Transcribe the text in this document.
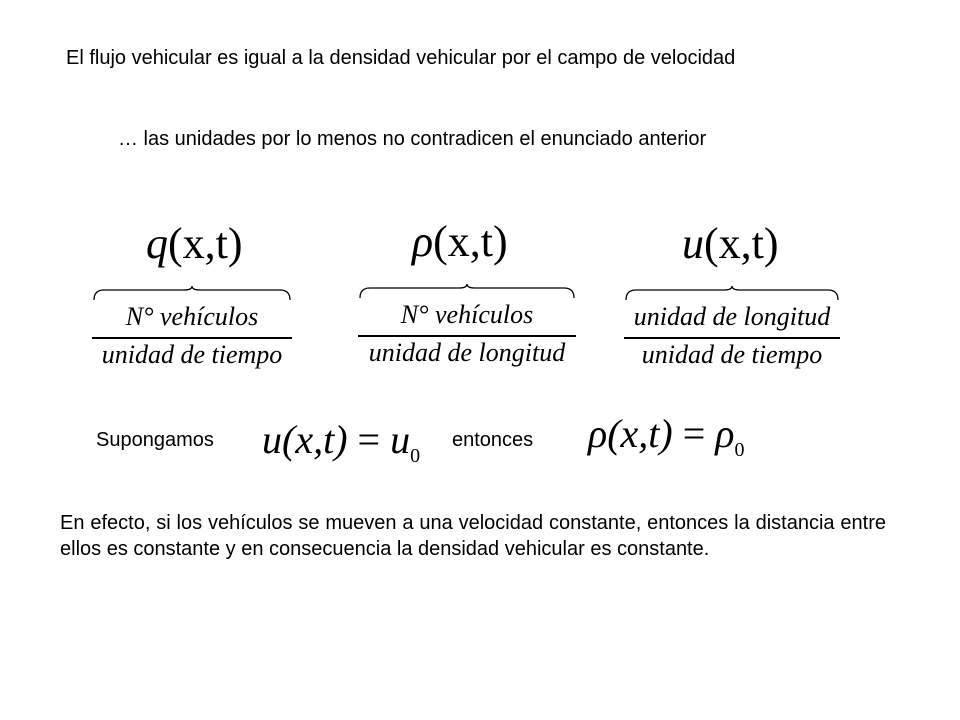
El flujo vehicular es igual a la densidad vehicular por el campo de velocidad
… las unidades por lo menos no contradicen el enunciado anterior
q(x,t)
N° vehículos
unidad de tiempo
ρ(x,t)
N° vehículos
unidad de longitud
u(x,t)
unidad de longitud
unidad de tiempo
Supongamos $u(x,t) = u_0$
entonces $\rho(x,t) = \rho_0$
En efecto, si los vehículos se mueven a una velocidad constante, entonces la distancia entre ellos es constante y en consecuencia la densidad vehicular es constante.
